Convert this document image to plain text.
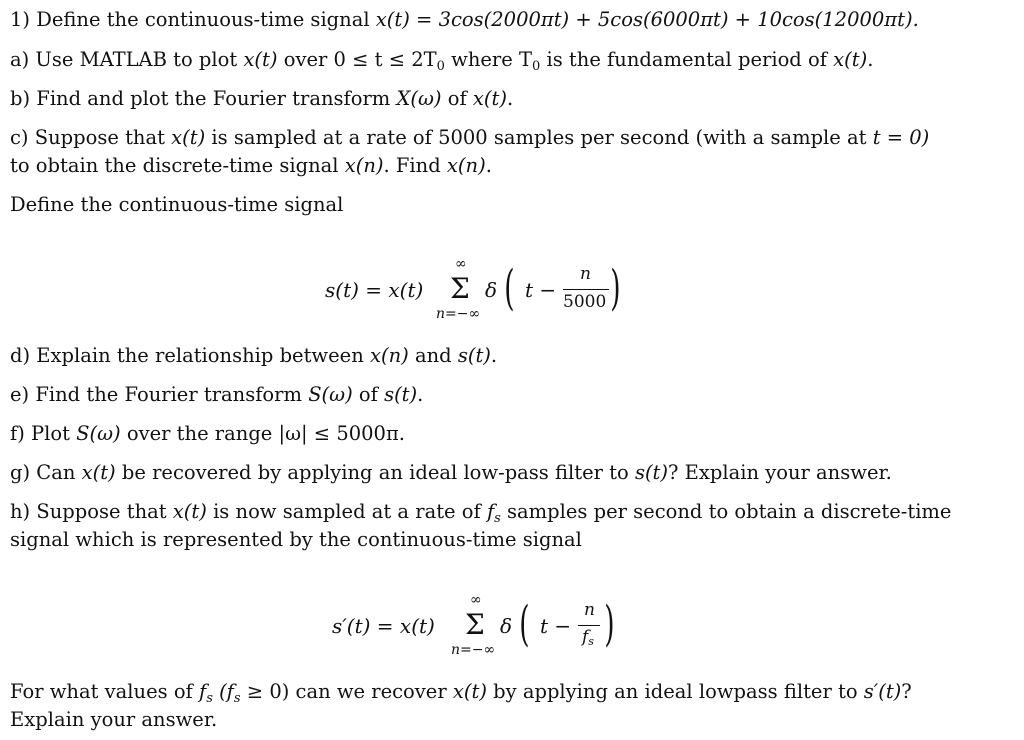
1) Define the continuous-time signal x(t) = 3cos(2000πt) + 5cos(6000πt) + 10cos(12000πt).
a) Use MATLAB to plot x(t) over $0 \le t \le 2T_0$ where $T_0$ is the fundamental period of x(t).
b) Find and plot the Fourier transform X(ω) of x(t).
c) Suppose that x(t) is sampled at a rate of 5000 samples per second (with a sample at t = 0)
to obtain the discrete-time signal x(n). Find x(n).
Define the continuous-time signal
s(t) = x(t)
∞
Σ
n=−∞
δ ( t −
n
5000 )
d) Explain the relationship between x(n) and s(t).
e) Find the Fourier transform S(ω) of s(t).
f) Plot S(ω) over the range |ω| ≤ 5000π.
g) Can x(t) be recovered by applying an ideal low-pass filter to s(t)? Explain your answer.
h) Suppose that x(t) is now sampled at a rate of $f_s$ samples per second to obtain a discrete-time
signal which is represented by the continuous-time signal
s′(t) = x(t)
∞
Σ
n=−∞
δ ( t −
n
fs )
For what values of $f_s$ $(f_s \ge 0)$ can we recover x(t) by applying an ideal lowpass filter to s′(t)?
Explain your answer.
